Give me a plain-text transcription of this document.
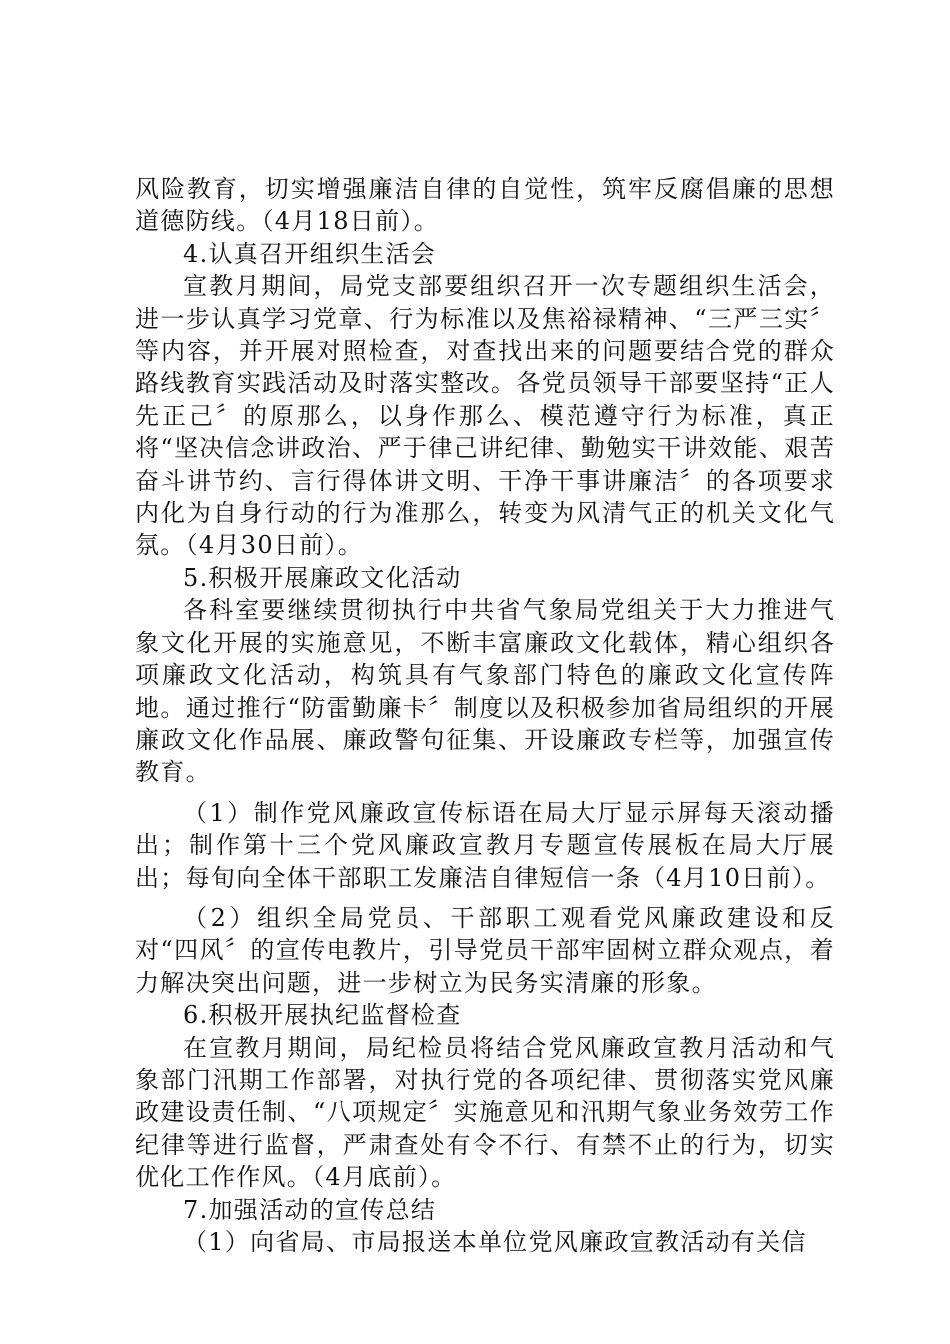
风险教育，切实增强廉洁自律的自觉性，筑牢反腐倡廉的思想道德防线。（4月18日前）。

4.认真召开组织生活会

宣教月期间，局党支部要组织召开一次专题组织生活会，进一步认真学习党章、行为标准以及焦裕禄精神、“三严三实〞等内容，并开展对照检查，对查找出来的问题要结合党的群众路线教育实践活动及时落实整改。各党员领导干部要坚持“正人先正己〞的原那么，以身作那么、模范遵守行为标准，真正将“坚决信念讲政治、严于律己讲纪律、勤勉实干讲效能、艰苦奋斗讲节约、言行得体讲文明、干净干事讲廉洁〞的各项要求内化为自身行动的行为准那么，转变为风清气正的机关文化气氛。（4月30日前）。

5.积极开展廉政文化活动

各科室要继续贯彻执行中共省气象局党组关于大力推进气象文化开展的实施意见，不断丰富廉政文化载体，精心组织各项廉政文化活动，构筑具有气象部门特色的廉政文化宣传阵地。通过推行“防雷勤廉卡〞制度以及积极参加省局组织的开展廉政文化作品展、廉政警句征集、开设廉政专栏等，加强宣传教育。

（1）制作党风廉政宣传标语在局大厅显示屏每天滚动播出；制作第十三个党风廉政宣教月专题宣传展板在局大厅展出；每旬向全体干部职工发廉洁自律短信一条（4月10日前）。

（2）组织全局党员、干部职工观看党风廉政建设和反对“四风〞的宣传电教片，引导党员干部牢固树立群众观点，着力解决突出问题，进一步树立为民务实清廉的形象。

6.积极开展执纪监督检查

在宣教月期间，局纪检员将结合党风廉政宣教月活动和气象部门汛期工作部署，对执行党的各项纪律、贯彻落实党风廉政建设责任制、“八项规定〞实施意见和汛期气象业务效劳工作纪律等进行监督，严肃查处有令不行、有禁不止的行为，切实优化工作作风。（4月底前）。

7.加强活动的宣传总结

（1）向省局、市局报送本单位党风廉政宣教活动有关信
